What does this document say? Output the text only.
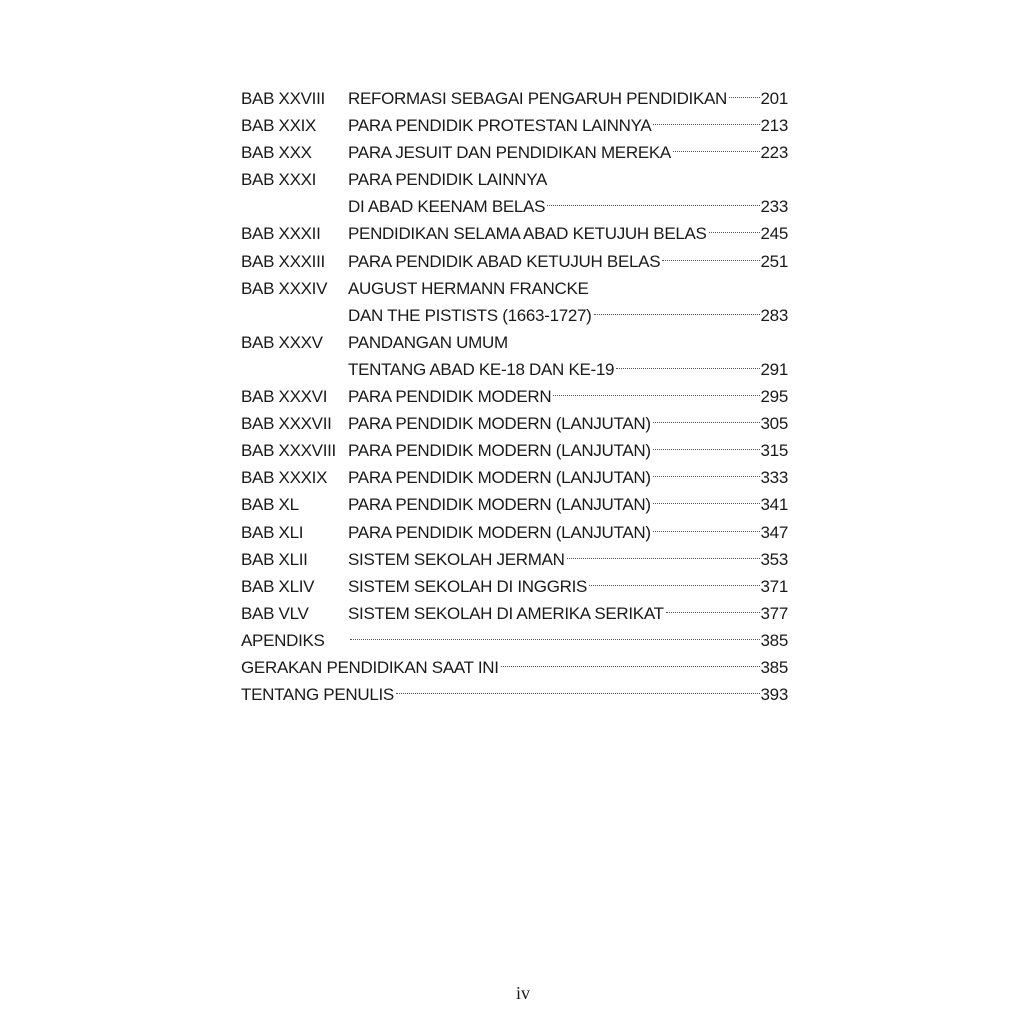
BAB XXVIII	REFORMASI SEBAGAI PENGARUH PENDIDIKAN 201
BAB XXIX	PARA PENDIDIK PROTESTAN LAINNYA	213
BAB XXX	PARA JESUIT DAN PENDIDIKAN MEREKA	223
BAB XXXI	PARA PENDIDIK LAINNYA
DI ABAD KEENAM BELAS	233
BAB XXXII	PENDIDIKAN SELAMA ABAD KETUJUH BELAS	245
BAB XXXIII	PARA PENDIDIK ABAD KETUJUH BELAS	251
BAB XXXIV	AUGUST HERMANN FRANCKE
DAN THE PISTISTS (1663-1727)	283
BAB XXXV	PANDANGAN UMUM
TENTANG ABAD KE-18 DAN KE-19	291
BAB XXXVI	PARA PENDIDIK MODERN	295
BAB XXXVII PARA PENDIDIK MODERN (LANJUTAN)	305
BAB XXXVIII PARA PENDIDIK MODERN (LANJUTAN)	315
BAB XXXIX	PARA PENDIDIK MODERN (LANJUTAN)	333
BAB XL	PARA PENDIDIK MODERN (LANJUTAN)	341
BAB XLI	PARA PENDIDIK MODERN (LANJUTAN)	347
BAB XLII	SISTEM SEKOLAH JERMAN	353
BAB XLIV	SISTEM SEKOLAH DI INGGRIS	371
BAB VLV	SISTEM SEKOLAH DI AMERIKA SERIKAT	377
APENDIKS	385
GERAKAN PENDIDIKAN SAAT INI	385
TENTANG PENULIS	393
iv
